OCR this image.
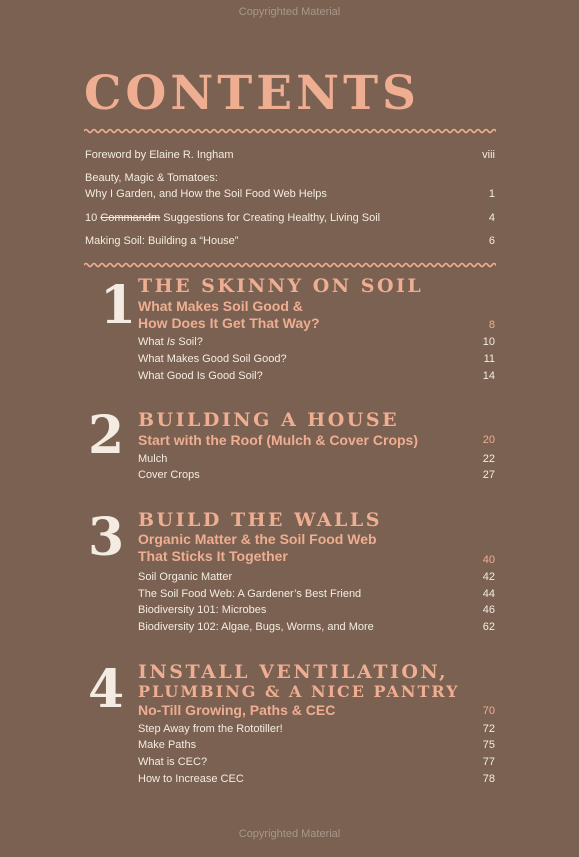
Copyrighted Material
CONTENTS
Foreword by Elaine R. Ingham	viii
Beauty, Magic & Tomatoes:
Why I Garden, and How the Soil Food Web Helps	1
10 Commandm Suggestions for Creating Healthy, Living Soil	4
Making Soil: Building a “House”	6
1 THE SKINNY ON SOIL
What Makes Soil Good &
How Does It Get That Way?	8
What Is Soil?	10
What Makes Good Soil Good?	11
What Good Is Good Soil?	14
2 BUILDING A HOUSE
Start with the Roof (Mulch & Cover Crops)	20
Mulch	22
Cover Crops	27
3 BUILD THE WALLS
Organic Matter & the Soil Food Web
That Sticks It Together	40
Soil Organic Matter	42
The Soil Food Web: A Gardener’s Best Friend	44
Biodiversity 101: Microbes	46
Biodiversity 102: Algae, Bugs, Worms, and More	62
4 INSTALL VENTILATION,
PLUMBING & A NICE PANTRY
No-Till Growing, Paths & CEC	70
Step Away from the Rototiller!	72
Make Paths	75
What is CEC?	77
How to Increase CEC	78
Copyrighted Material
